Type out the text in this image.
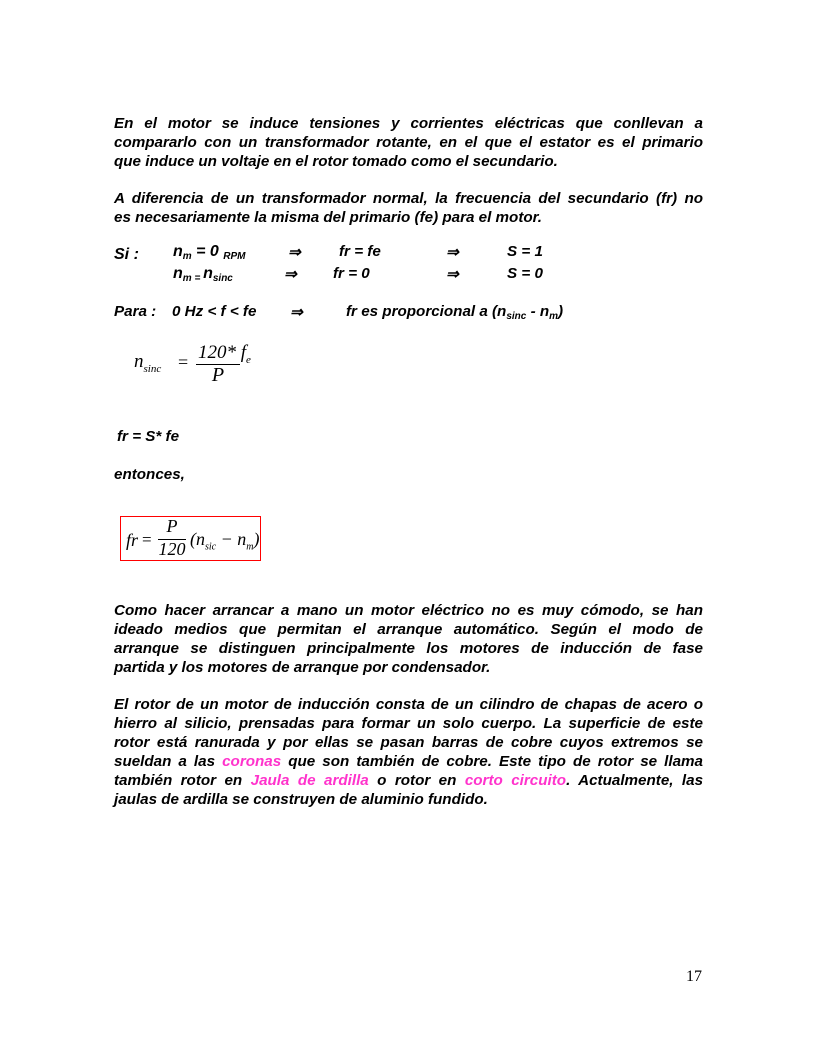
En el motor se induce tensiones y corrientes eléctricas que conllevan a
compararlo con un transformador rotante, en el que el estator es el primario
que induce un voltaje en el rotor tomado como el secundario.
A diferencia de un transformador normal, la frecuencia del secundario (fr) no
es necesariamente la misma del primario (fe) para el motor.
Si : $n_m = 0$ $_{RPM}$	⇒	fr = fe	⇒	S = 1
$n_{m =}$ $n_{sinc}$	⇒ fr = 0	⇒	S = 0
Para : 0 Hz < f < fe ⇒	fr es proporcional a $(n_{sinc} - n_m)$
$n_{sinc} = 120*$ $f_e$
P
fr = S* fe
entonces,
fr =
P
120 $(n_{sic} - n_m)$
Como hacer arrancar a mano un motor eléctrico no es muy cómodo, se han
ideado medios que permitan el arranque automático. Según el modo de
arranque se distinguen principalmente los motores de inducción de fase
partida y los motores de arranque por condensador.
El rotor de un motor de inducción consta de un cilindro de chapas de acero o
hierro al silicio, prensadas para formar un solo cuerpo. La superficie de este
rotor está ranurada y por ellas se pasan barras de cobre cuyos extremos se
sueldan a las coronas que son también de cobre. Este tipo de rotor se llama
también rotor en Jaula de ardilla o rotor en corto circuito. Actualmente, las
jaulas de ardilla se construyen de aluminio fundido.
17
